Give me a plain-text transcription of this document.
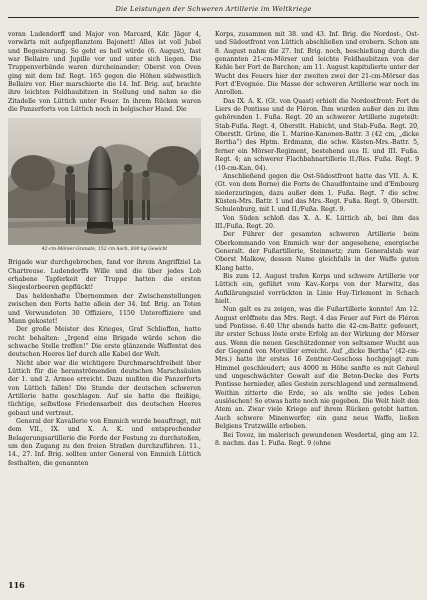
Die Leistungen der Schweren Artillerie im Weltkriege

voran Ludendorff und Major von Marcard, Kdr. Jäger 4, vorwärts mit aufgepflanztem Bajonett! Alles ist voll Jubel und Begeisterung. So geht es hell würde (6. August), fast war Bellaire und Jupille vor und unter sich liegen. Die Truppenverbände waren durcheinander; Oberst von Oven ging mit dem Inf. Regt. 165 gegen die Höhen südwestlich Bellaire vor. Hier marschierte die 14. Inf. Brig. auf, brachte ihre leichten Feldhaubitzen in Stellung und nahm so die Zitadelle von Lüttich unter Feuer. In ihrem Rücken waren die Panzerforts von Lüttich noch in belgischer Hand. Die

42-cm-Mörser-Granate, 152 cm hoch, 800 kg Gewicht

Brigade war durchgebrochen, fand vor ihrem Angriffziel La Chartreuse. Ludendorffs Wille und die über jedes Lob erhabene Tapferkeit der Truppe hatten die ersten Siegeslorbeeren gepflückt!

Das heldenhafte Übernommen der Zwischenstellungen zwischen den Forts hatte allein der 34. Inf. Brig. an Toten und Verwundeten 30 Offiziere, 1150 Unteroffiziere und Mann gekostet!

Der große Meister des Krieges, Graf Schlieffen, hatte recht behalten: „Irgend eine Brigade würde schon die schwache Stelle treffen!“ Die erste glänzende Waffentat des deutschen Heeres lief durch alle Kabel der Welt.

Nicht aber war die wichtigere Durchmarschfreiheit über Lüttich für die heranströmenden deutschen Marschsäulen der 1. und 2. Armee erreicht. Dazu mußten die Panzerforts von Lüttich fallen! Die Stunde der deutschen schweren Artillerie hatte geschlagen. Auf sie hatte die fleißige, tüchtige, selbstlose Friedensarbeit des deutschen Heeres gebaut und vertraut.

General der Kavallerie von Emmich wurde beauftragt, mit dem VII., IX. und X. A. K. und entsprechender Belagerungsartillerie die Forde der Festung zu durchstoßen, um den Zugang zu den freien Straßen durchzuführen. 11., 14., 27. Inf. Brig. sollten unter General von Emmich Lüttich festhalten, die genannten

Korps, zusammen mit 38. und 43. Inf. Brig. die Nordost-, Ost- und Südostfront von Lüttich abschließen und erobern. Schon am 8. August nahm die 27. Inf. Brig. noch, beschießung durch die genannten 21-cm-Mörser und leichte Feldhaubitzen von der Kehle her Fort de Barchon; am 11. August kapitulierte unter der Wucht des Feuers hier der zweiten zwei der 21-cm-Mörser das Fort d'Evegnée. Die Masse der schweren Artillerie war noch im Anrollen.

Das IX. A. K. (Gt. von Quast) erhielt die Nordostfront: Fort de Liers de Pontisse und de Fléron. Ihm wurden außer den zu ihm gehörenden 1. Fußa. Regt. 20 an schwerer Artillerie zugeteilt: Stab-Fußa. Regt. 4, Oberstlt. Habicht, und Stab-Fußa. Regt. 20, Oberstlt. Grüne, die 1. Marine-Kanonen-Battr. 3 (42 cm, „dicke Bertha“) des Hptm. Erdmann, die schw. Küsten-Mrs.-Battr. 5, ferner ein Mörser-Regiment, bestehend aus II. und III. Fußa. Regt. 4; an schwerer Flachbahnartillerie II./Res. Fußa. Regt. 9 (10-cm-Kan. 04).

Anschließend gegen die Ost-Südostfront hatte das VII. A. K. (Gt. von dem Borne) die Forts de Chaudfontaine und d'Embourg niederzuringen, dazu außer dem 1. Fußa. Regt. 7 die schw. Küsten-Mrs. Battr. 1 und das Mrs.-Regt. Fußa. Regt. 9, Oberstlt. Schulenburg, mit I. und II./Fußa. Regt. 9.

Von Süden schloß das X. A. K. Lüttich ab, bei ihm das III./Fußa. Regt. 20.

Der Führer der gesamten schweren Artillerie beim Oberkommando von Emmich war der angesehene, energische Generalt. der Fußartillerie, Steinmetz; zum Generalstab war Oberst Malkow, dessen Name gleichfalls in der Waffe guten Klang hatte.

Bis zum 12. August trafen Korps und schwere Artillerie vor Lüttich ein, geführt vom Kav.-Korps von der Marwitz, das Aufklärungsziel vorrückten in Linie Huy-Tirlemont in Schach hielt.

Nun galt es zu zeigen, was die Fußartillerie konnte! Am 12. August eröffnete das Mrs. Regt. 4 das Feuer auf Fort de Fléron und Pontisse. 6.40 Uhr abends hatte die 42-cm-Battr. gefeuert, ihr erster Schuss löste erste Erfolg an der Wirkung der Mörser aus. Wenn die neuen Geschützdonner von seltsamer Wucht aus der Gegend von Morviller erreicht. Auf „dicke Bertha“ (42-cm-Mrs.) hatte ihr erstes 16 Zentner-Geschoss hochgejagt zum Himmel geschleudert; aus 4000 m Höhe sanfte es mit Geheul und ungeschwächter Gewalt auf die Beton-Decke des Forts Pontisse hernieder, alles Gestein zerschlagend und zermalmend. Weithin zitterte die Erde, so als wollte sie jedes Leben auslöschen! So etwas hatte noch nie gegeben. Die Welt hielt den Atem an. Zwar viele Kriege auf ihrem Rücken getobt hatten. Auch schwere Minenwerfer, ein ganz neue Waffe, ließen Belgiens Trutzwälle erbeben.

Bei Tovoz, im malerisch gewundenen Wesdertal, ging am 12. 8. nachm. das 1. Fußa. Regt. 9 (ohne

116
